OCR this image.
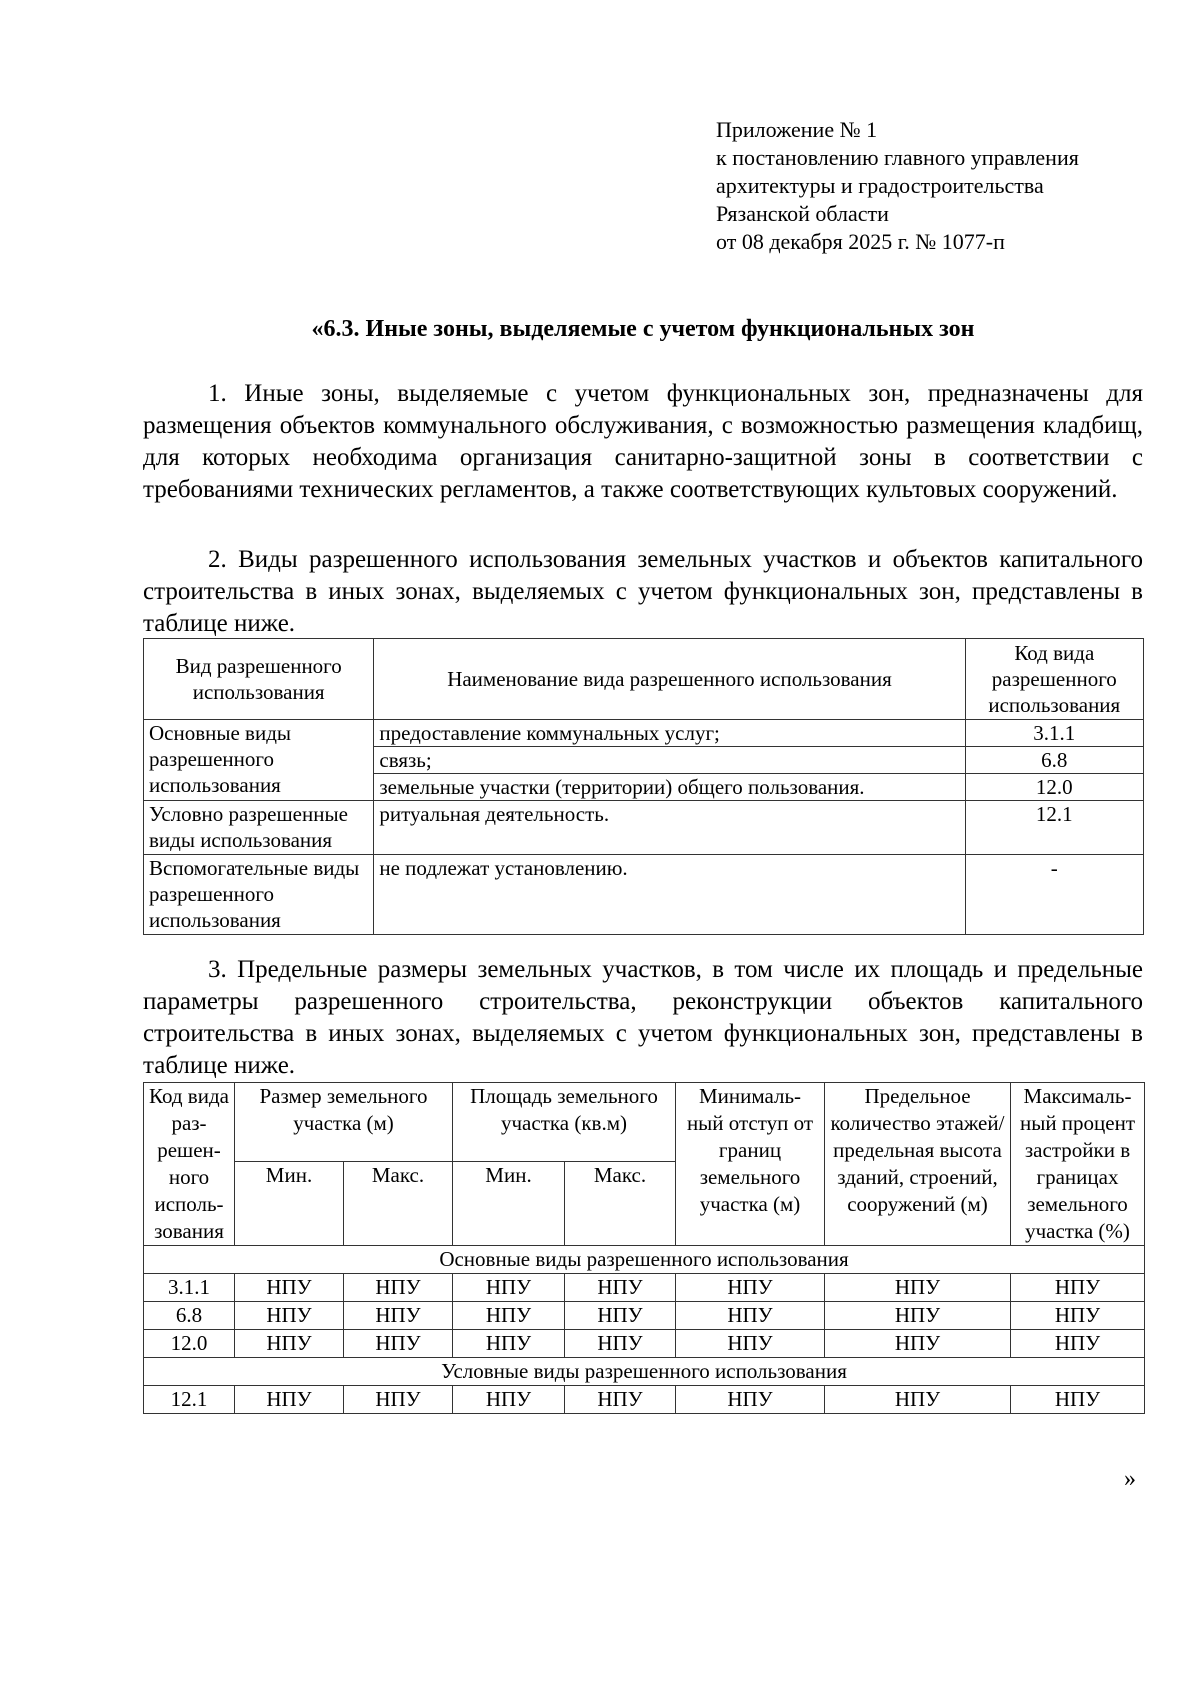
Приложение № 1
к постановлению главного управления
архитектуры и градостроительства
Рязанской области
от 08 декабря 2025 г. № 1077-п
«6.3. Иные зоны, выделяемые с учетом функциональных зон
1. Иные зоны, выделяемые с учетом функциональных зон, предназначены для размещения объектов коммунального обслуживания, с возможностью размещения кладбищ, для которых необходима организация санитарно-защитной зоны в соответствии с требованиями технических регламентов, а также соответствующих культовых сооружений.
2. Виды разрешенного использования земельных участков и объектов капитального строительства в иных зонах, выделяемых с учетом функциональных зон, представлены в таблице ниже.
Вид разрешенного использования	Наименование вида разрешенного использования	Код вида разрешенного использования
Основные виды разрешенного использования	предоставление коммунальных услуг;	3.1.1
	связь;	6.8
	земельные участки (территории) общего пользования.	12.0
Условно разрешенные виды использования	ритуальная деятельность.	12.1
Вспомогательные виды разрешенного использования	не подлежат установлению.	-
3. Предельные размеры земельных участков, в том числе их площадь и предельные параметры разрешенного строительства, реконструкции объектов капитального строительства в иных зонах, выделяемых с учетом функциональных зон, представлены в таблице ниже.
Код вида раз-решен-ного исполь-зования	Размер земельного участка (м)		Площадь земельного участка (кв.м)		Минималь-ный отступ от границ земельного участка (м)	Предельное количество этажей/ предельная высота зданий, строений, сооружений (м)	Максималь-ный процент застройки в границах земельного участка (%)
	Мин.	Макс.	Мин.	Макс.			
Основные виды разрешенного использования							
3.1.1	НПУ	НПУ	НПУ	НПУ	НПУ	НПУ	НПУ
6.8	НПУ	НПУ	НПУ	НПУ	НПУ	НПУ	НПУ
12.0	НПУ	НПУ	НПУ	НПУ	НПУ	НПУ	НПУ
Условные виды разрешенного использования							
12.1	НПУ	НПУ	НПУ	НПУ	НПУ	НПУ	НПУ
»
